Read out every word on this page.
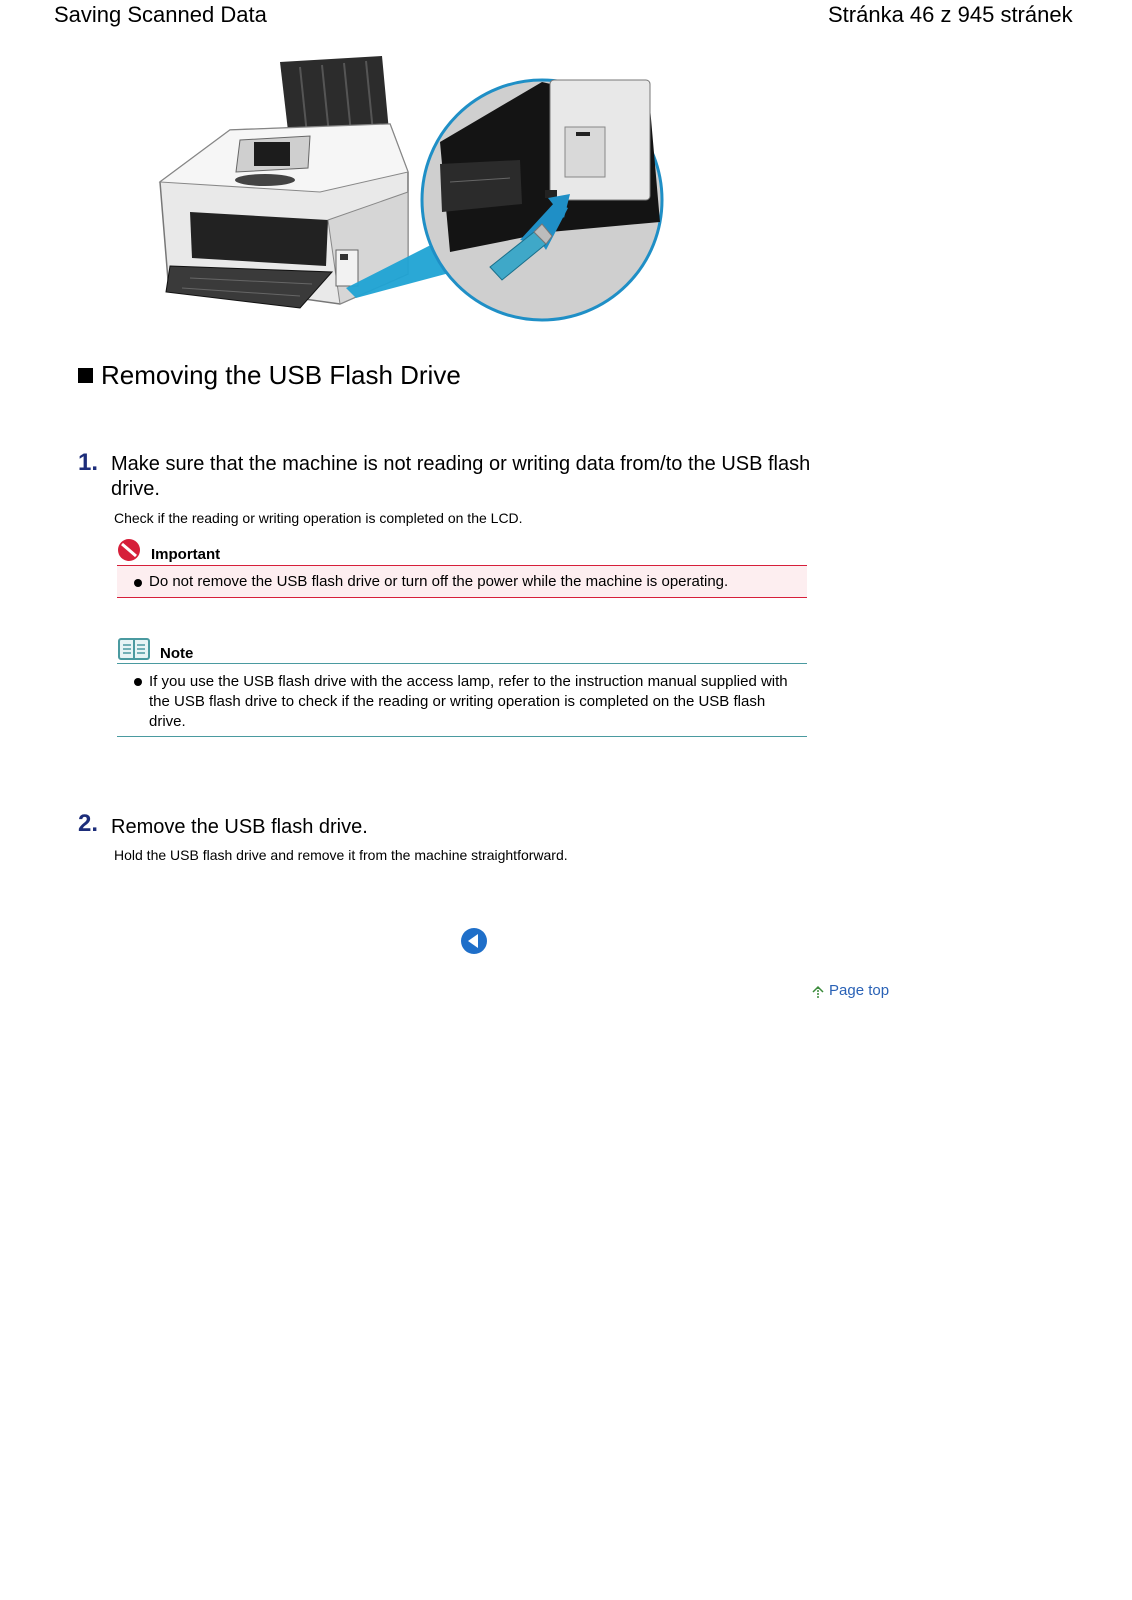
Saving Scanned Data	Stránka 46 z 945 stránek
Removing the USB Flash Drive
1. Make sure that the machine is not reading or writing data from/to the USB flash drive.
Check if the reading or writing operation is completed on the LCD.
Important
Do not remove the USB flash drive or turn off the power while the machine is operating.
Note
If you use the USB flash drive with the access lamp, refer to the instruction manual supplied with the USB flash drive to check if the reading or writing operation is completed on the USB flash drive.
2. Remove the USB flash drive.
Hold the USB flash drive and remove it from the machine straightforward.
Page top
